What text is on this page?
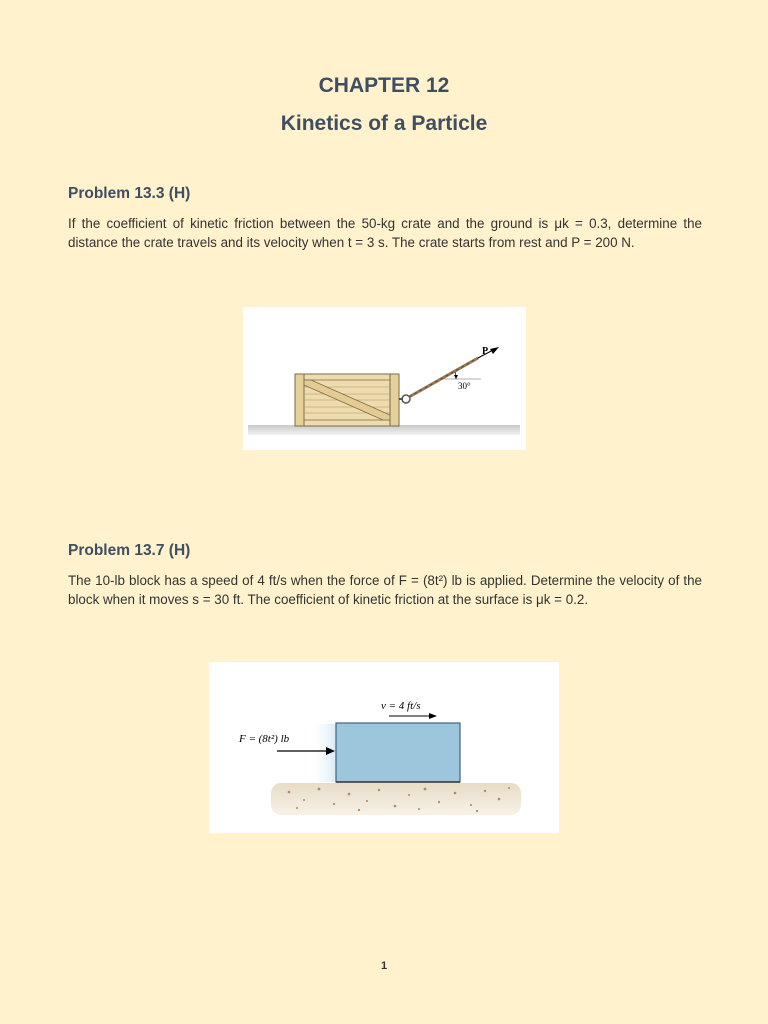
CHAPTER 12
Kinetics of a Particle
Problem 13.3 (H)
If the coefficient of kinetic friction between the 50-kg crate and the ground is μk = 0.3, determine the distance the crate travels and its velocity when t = 3 s. The crate starts from rest and P = 200 N.
P
30°
Problem 13.7 (H)
The 10-lb block has a speed of 4 ft/s when the force of F = (8t²) lb is applied. Determine the velocity of the block when it moves s = 30 ft. The coefficient of kinetic friction at the surface is μk = 0.2.
v = 4 ft/s
F = (8t²) lb
1
